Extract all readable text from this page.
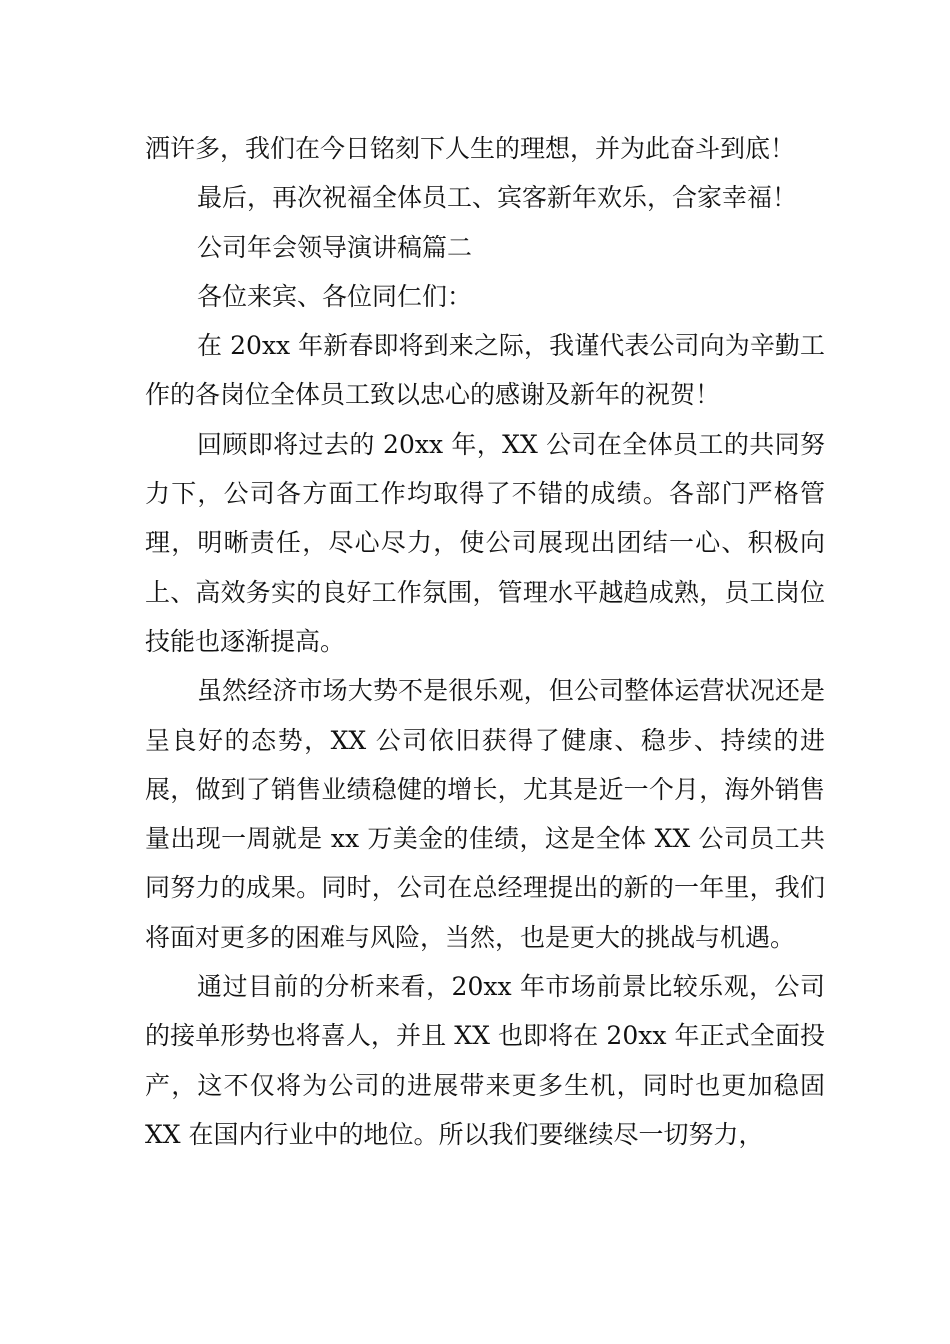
洒许多，我们在今日铭刻下人生的理想，并为此奋斗到底！

最后，再次祝福全体员工、宾客新年欢乐，合家幸福！

公司年会领导演讲稿篇二

各位来宾、各位同仁们：

在 20xx 年新春即将到来之际，我谨代表公司向为辛勤工作的各岗位全体员工致以忠心的感谢及新年的祝贺！

回顾即将过去的 20xx 年，XX 公司在全体员工的共同努力下，公司各方面工作均取得了不错的成绩。各部门严格管理，明晰责任，尽心尽力，使公司展现出团结一心、积极向上、高效务实的良好工作氛围，管理水平越趋成熟，员工岗位技能也逐渐提高。

虽然经济市场大势不是很乐观，但公司整体运营状况还是呈良好的态势，XX 公司依旧获得了健康、稳步、持续的进展，做到了销售业绩稳健的增长，尤其是近一个月，海外销售量出现一周就是 xx 万美金的佳绩，这是全体 XX 公司员工共同努力的成果。同时，公司在总经理提出的新的一年里，我们将面对更多的困难与风险，当然，也是更大的挑战与机遇。

通过目前的分析来看，20xx 年市场前景比较乐观，公司的接单形势也将喜人，并且 XX 也即将在 20xx 年正式全面投产，这不仅将为公司的进展带来更多生机，同时也更加稳固 XX 在国内行业中的地位。所以我们要继续尽一切努力，
